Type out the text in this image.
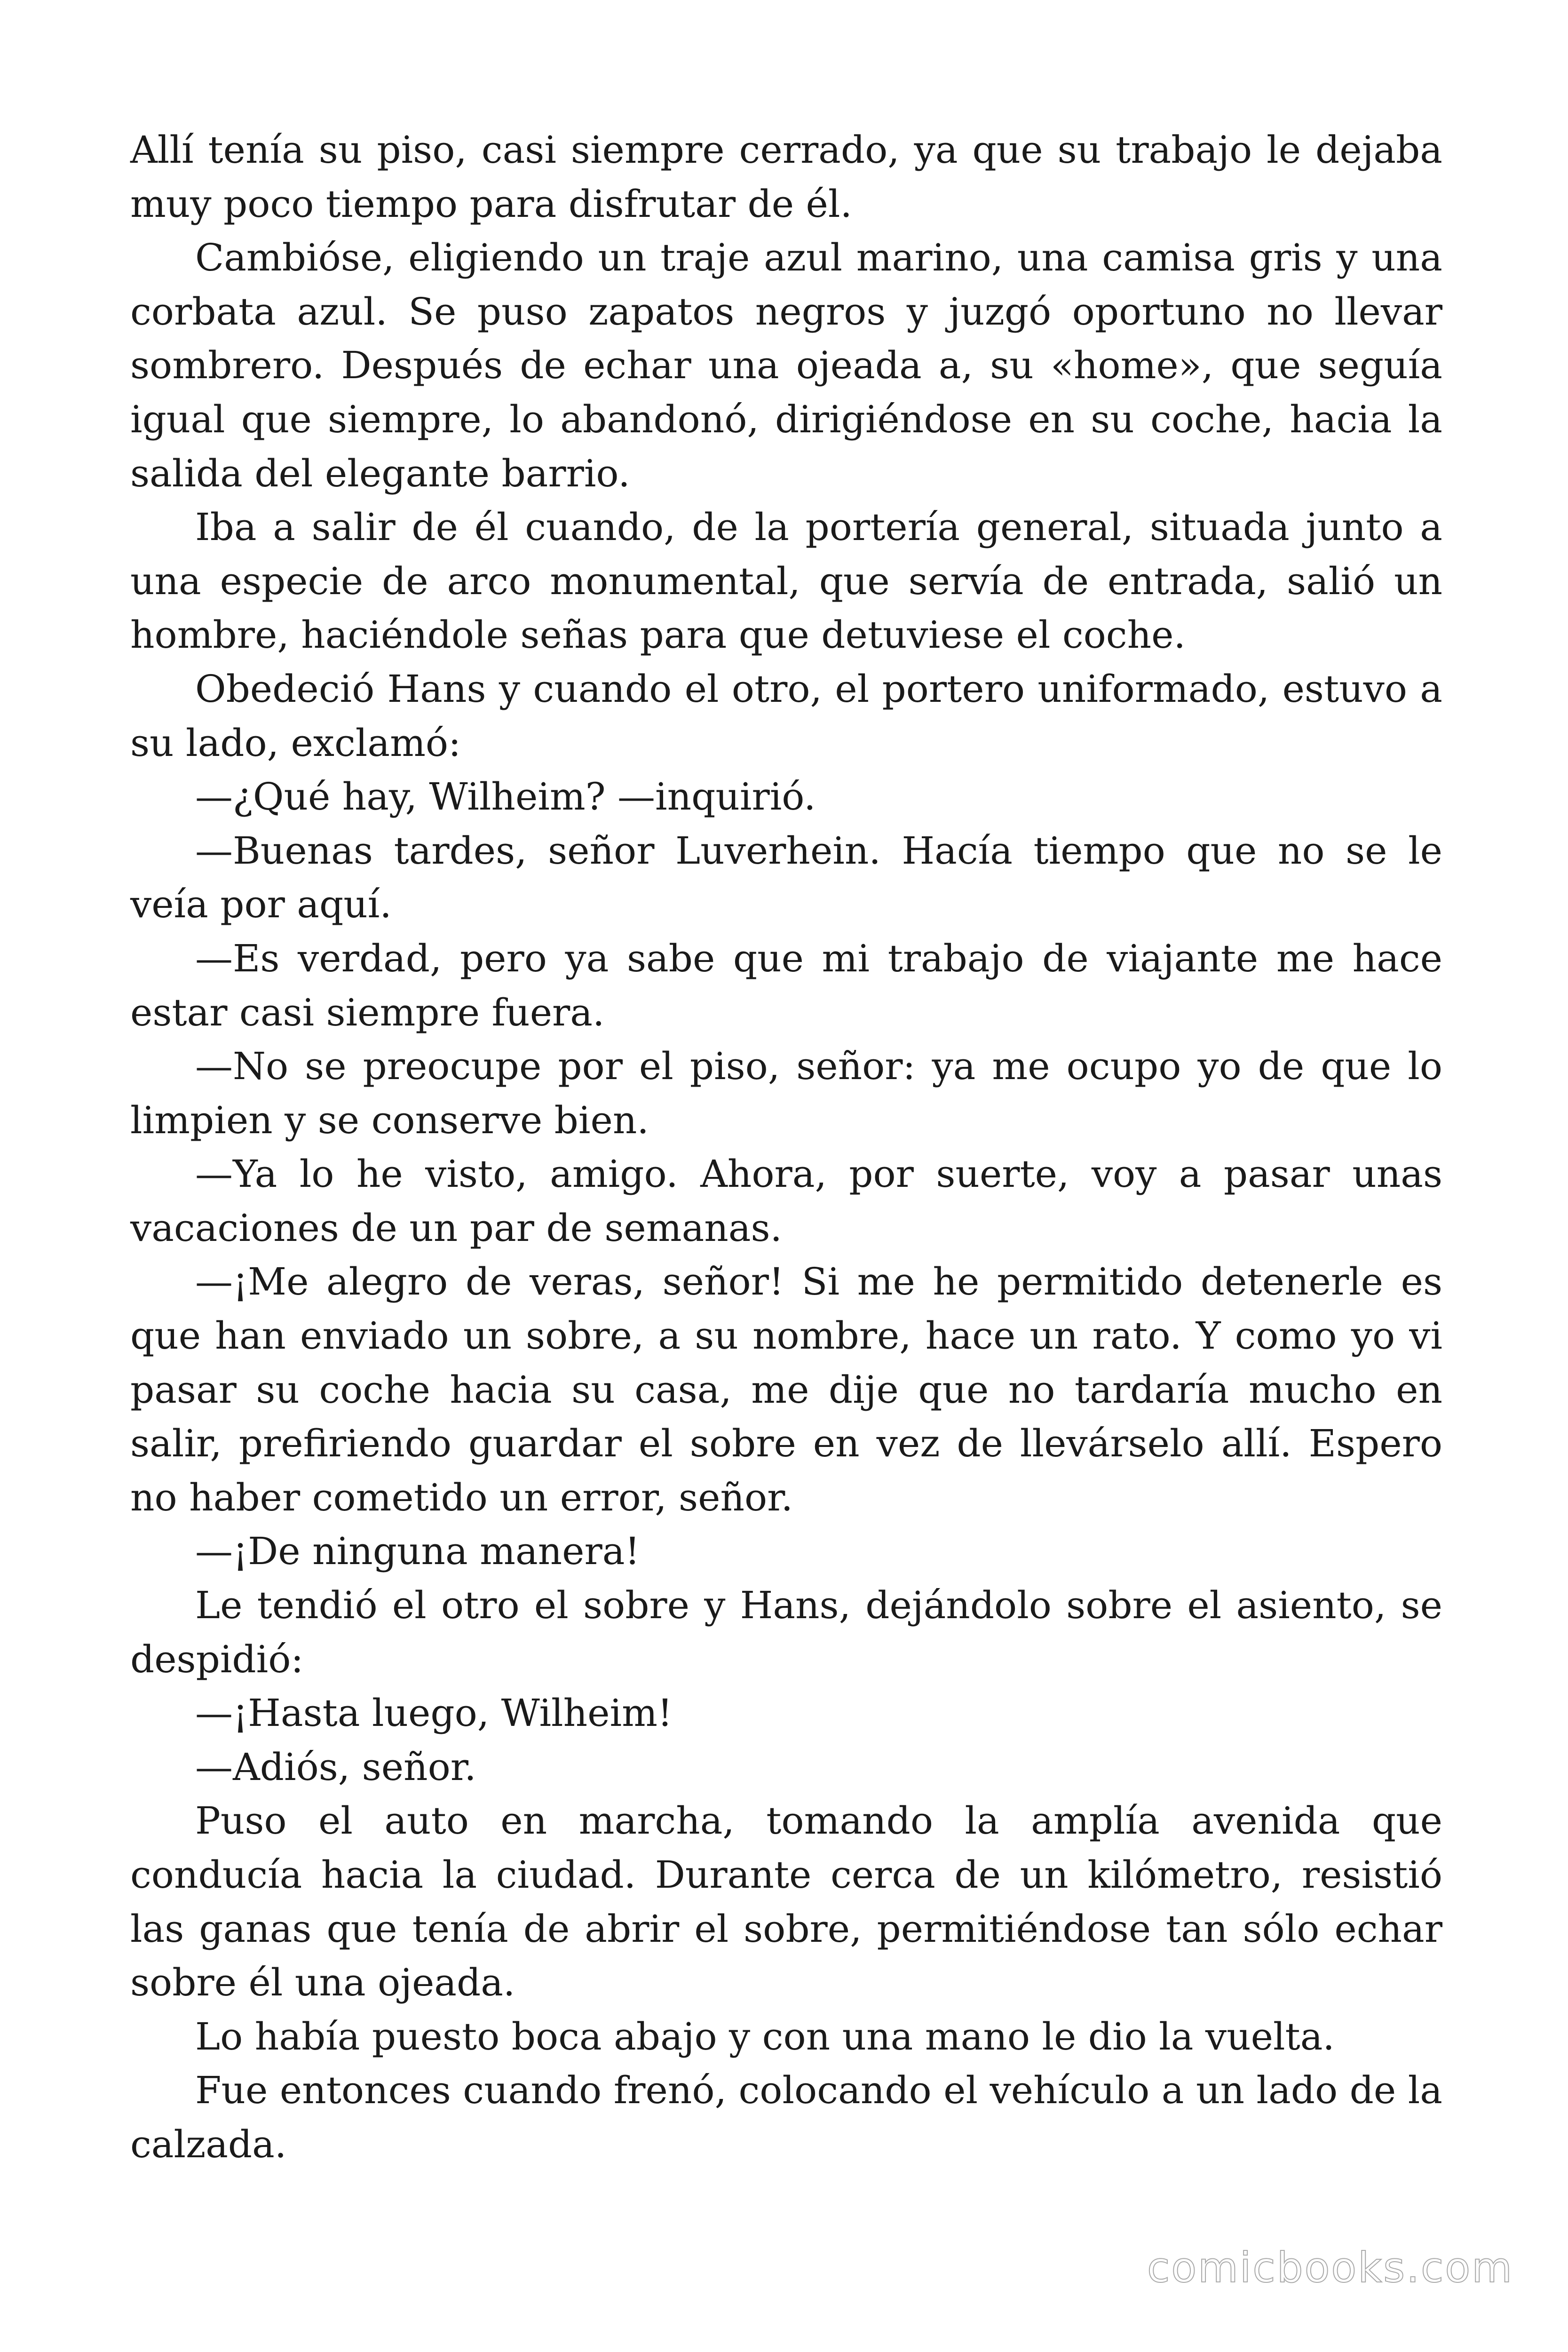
Allí tenía su piso, casi siempre cerrado, ya que su trabajo le dejaba muy poco tiempo para disfrutar de él.

Cambióse, eligiendo un traje azul marino, una camisa gris y una corbata azul. Se puso zapatos negros y juzgó oportuno no llevar sombrero. Después de echar una ojeada a, su «home», que seguía igual que siempre, lo abandonó, dirigiéndose en su coche, hacia la salida del elegante barrio.

Iba a salir de él cuando, de la portería general, situada junto a una especie de arco monumental, que servía de entrada, salió un hombre, haciéndole señas para que detuviese el coche.

Obedeció Hans y cuando el otro, el portero uniformado, estuvo a su lado, exclamó:

—¿Qué hay, Wilheim? —inquirió.

—Buenas tardes, señor Luverhein. Hacía tiempo que no se le veía por aquí.

—Es verdad, pero ya sabe que mi trabajo de viajante me hace estar casi siempre fuera.

—No se preocupe por el piso, señor: ya me ocupo yo de que lo limpien y se conserve bien.

—Ya lo he visto, amigo. Ahora, por suerte, voy a pasar unas vacaciones de un par de semanas.

—¡Me alegro de veras, señor! Si me he permitido detenerle es que han enviado un sobre, a su nombre, hace un rato. Y como yo vi pasar su coche hacia su casa, me dije que no tardaría mucho en salir, prefiriendo guardar el sobre en vez de llevárselo allí. Espero no haber cometido un error, señor.

—¡De ninguna manera!

Le tendió el otro el sobre y Hans, dejándolo sobre el asiento, se despidió:

—¡Hasta luego, Wilheim!

—Adiós, señor.

Puso el auto en marcha, tomando la amplía avenida que conducía hacia la ciudad. Durante cerca de un kilómetro, resistió las ganas que tenía de abrir el sobre, permitiéndose tan sólo echar sobre él una ojeada.

Lo había puesto boca abajo y con una mano le dio la vuelta.

Fue entonces cuando frenó, colocando el vehículo a un lado de la calzada.

comicbooks.com
